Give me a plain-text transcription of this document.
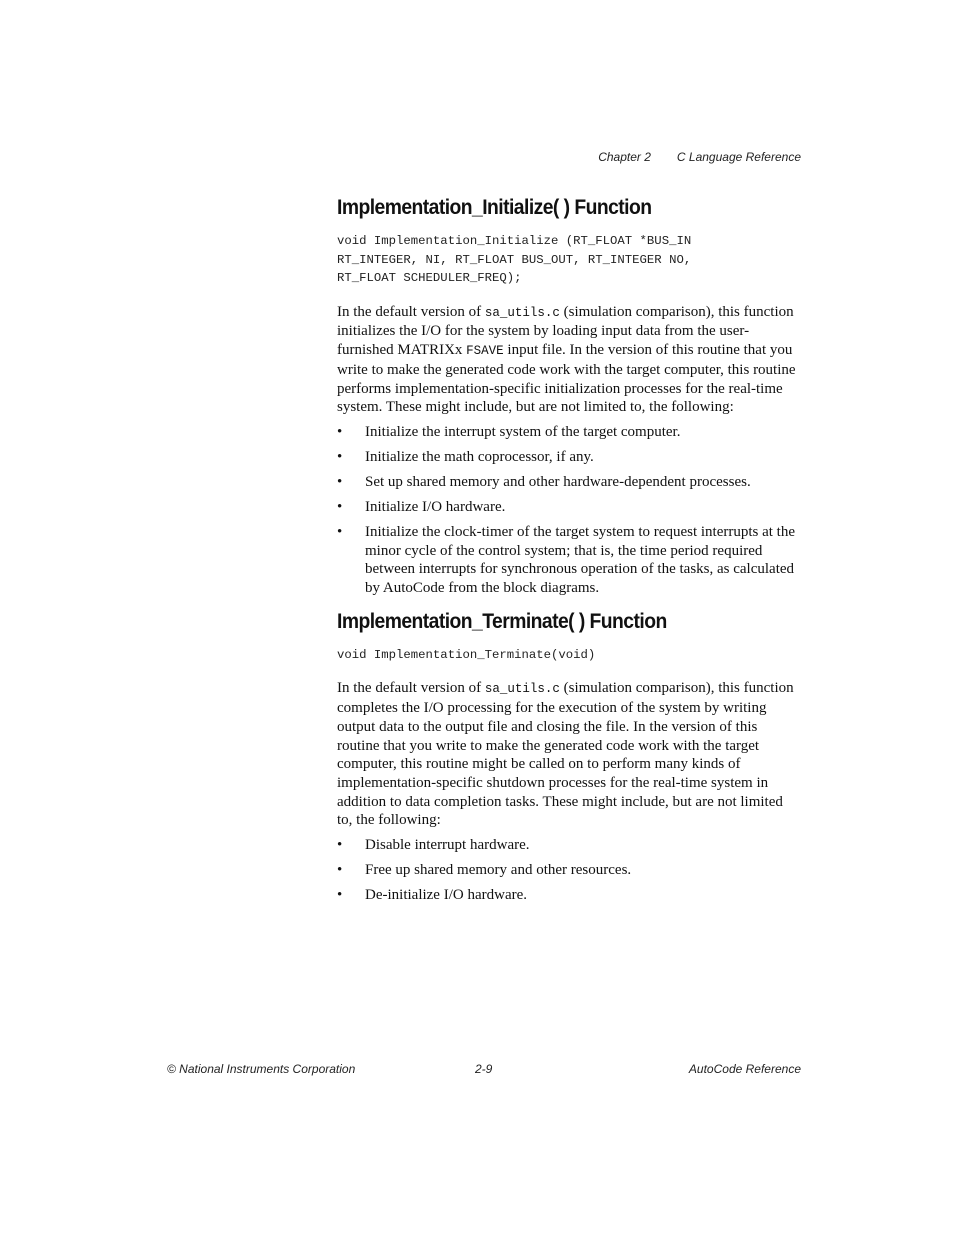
Chapter 2 C Language Reference
Implementation_Initialize( ) Function
void Implementation_Initialize (RT_FLOAT *BUS_IN
RT_INTEGER, NI, RT_FLOAT BUS_OUT, RT_INTEGER NO,
RT_FLOAT SCHEDULER_FREQ);

In the default version of sa_utils.c (simulation comparison), this function initializes the I/O for the system by loading input data from the user-furnished MATRIXx FSAVE input file. In the version of this routine that you write to make the generated code work with the target computer, this routine performs implementation-specific initialization processes for the real-time system. These might include, but are not limited to, the following:

• Initialize the interrupt system of the target computer.
• Initialize the math coprocessor, if any.
• Set up shared memory and other hardware-dependent processes.
• Initialize I/O hardware.
• Initialize the clock-timer of the target system to request interrupts at the minor cycle of the control system; that is, the time period required between interrupts for synchronous operation of the tasks, as calculated by AutoCode from the block diagrams.
Implementation_Terminate( ) Function
void Implementation_Terminate(void)

In the default version of sa_utils.c (simulation comparison), this function completes the I/O processing for the execution of the system by writing output data to the output file and closing the file. In the version of this routine that you write to make the generated code work with the target computer, this routine might be called on to perform many kinds of implementation-specific shutdown processes for the real-time system in addition to data completion tasks. These might include, but are not limited to, the following:

• Disable interrupt hardware.
• Free up shared memory and other resources.
• De-initialize I/O hardware.
© National Instruments Corporation	2-9	AutoCode Reference
